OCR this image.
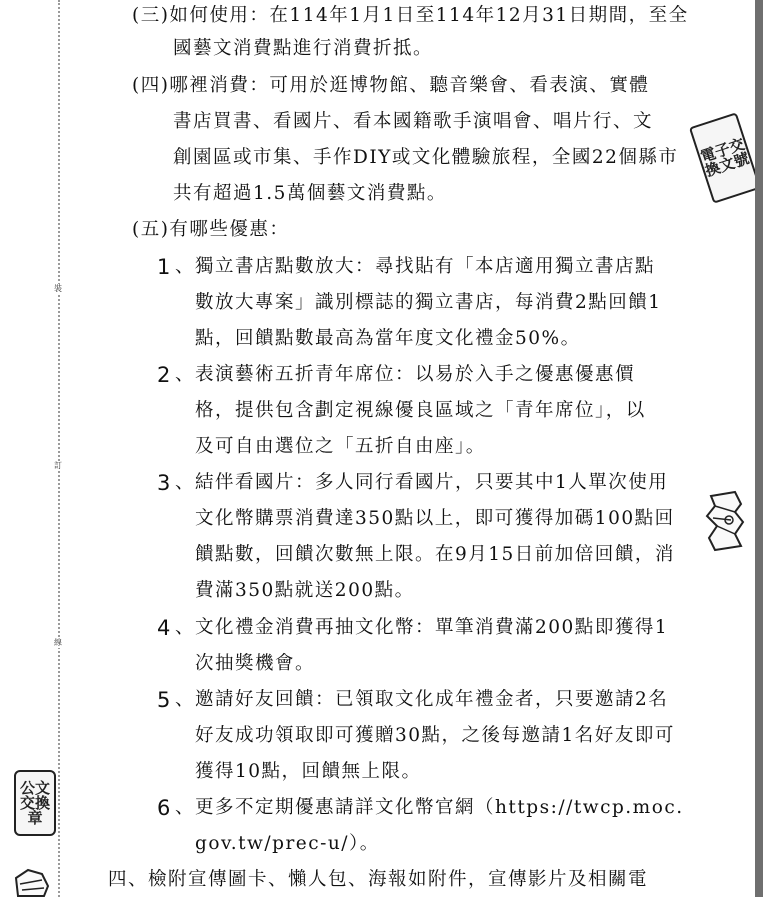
裝
訂
線
(三)如何使用：在114年1月1日至114年12月31日期間，至全
國藝文消費點進行消費折抵。
(四)哪裡消費：可用於逛博物館、聽音樂會、看表演、實體
書店買書、看國片、看本國籍歌手演唱會、唱片行、文
創園區或市集、手作DIY或文化體驗旅程，全國22個縣市
共有超過1.5萬個藝文消費點。
(五)有哪些優惠：
1 、獨立書店點數放大：尋找貼有「本店適用獨立書店點
數放大專案」識別標誌的獨立書店，每消費2點回饋1
點，回饋點數最高為當年度文化禮金50%。
2 、表演藝術五折青年席位：以易於入手之優惠優惠價
格，提供包含劃定視線優良區域之「青年席位」，以
及可自由選位之「五折自由座」。
3 、結伴看國片：多人同行看國片，只要其中1人單次使用
文化幣購票消費達350點以上，即可獲得加碼100點回
饋點數，回饋次數無上限。在9月15日前加倍回饋，消
費滿350點就送200點。
4 、文化禮金消費再抽文化幣：單筆消費滿200點即獲得1
次抽獎機會。
5 、邀請好友回饋：已領取文化成年禮金者，只要邀請2名
好友成功領取即可獲贈30點，之後每邀請1名好友即可
獲得10點，回饋無上限。
6 、更多不定期優惠請詳文化幣官網（https://twcp.moc.
gov.tw/prec-u/）。
四、檢附宣傳圖卡、懶人包、海報如附件，宣傳影片及相關電
電子交換文號
公文交換章
